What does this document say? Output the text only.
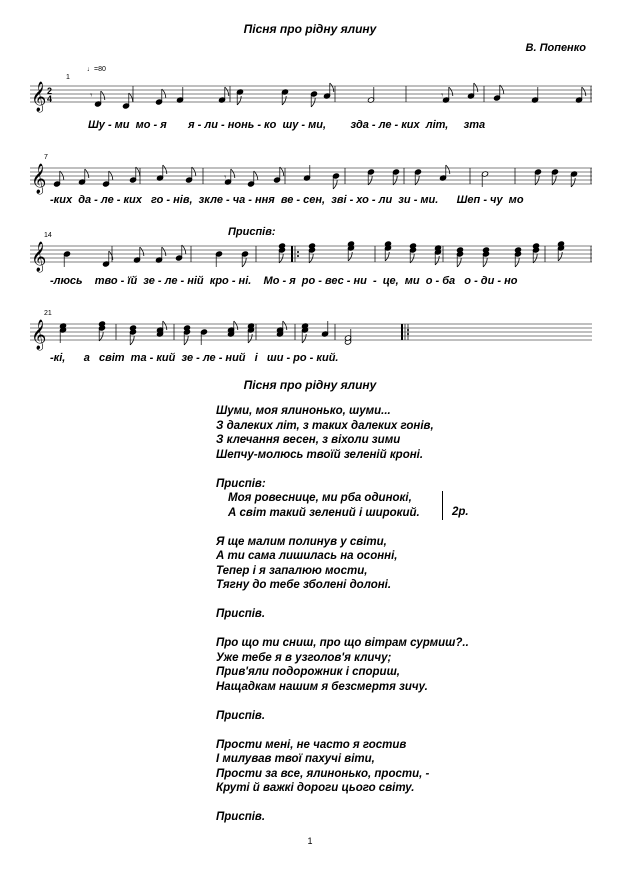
Пісня про рідну ялину
В. Попенко
1
♩=80
𝄞 2
4	𝄾	𝄾
Шу - ми  мо - я       я - ли - нонь - ко  шу - ми,        зда - ле - ких  літ,     зта
7
𝄞	𝄾
-ких  да - ле - ких   го - нів,  зкле - ча - ння  ве - сен,  зві - хо - ли  зи - ми.      Шеп - чу  мо
14	Приспів:
𝄞
-люсь    тво - їй  зе - ле - ній  кро - ні.    Мо - я  ро - вес - ни  -  це,  ми  о - ба   о - ди - но
21
𝄞
-кі,      а   світ  та - кий  зе - ле - ний   і   ши - ро - кий.
Пісня про рідну ялину
Шуми, моя ялинонько, шуми...
З далеких літ, з таких далеких гонів,
З клечання весен, з віхоли зими
Шепчу-молюсь твоїй зеленій кроні.
Приспів:
Моя ровеснице, ми рба одинокі,
А світ такий зелений і широкий.	2р.
Я ще малим полинув у світи,
А ти сама лишилась на осонні,
Тепер і я запалюю мости,
Тягну до тебе зболені долоні.
Приспів.
Про що ти сниш, про що вітрам сурмиш?..
Уже тебе я в узголов'я кличу;
Прив'яли подорожник і спориш,
Нащадкам нашим я безсмертя зичу.
Приспів.
Прости мені, не часто я гостив
І милував твої пахучі віти,
Прости за все, ялинонько, прости, -
Круті й важкі дороги цього світу.
Приспів.
1
